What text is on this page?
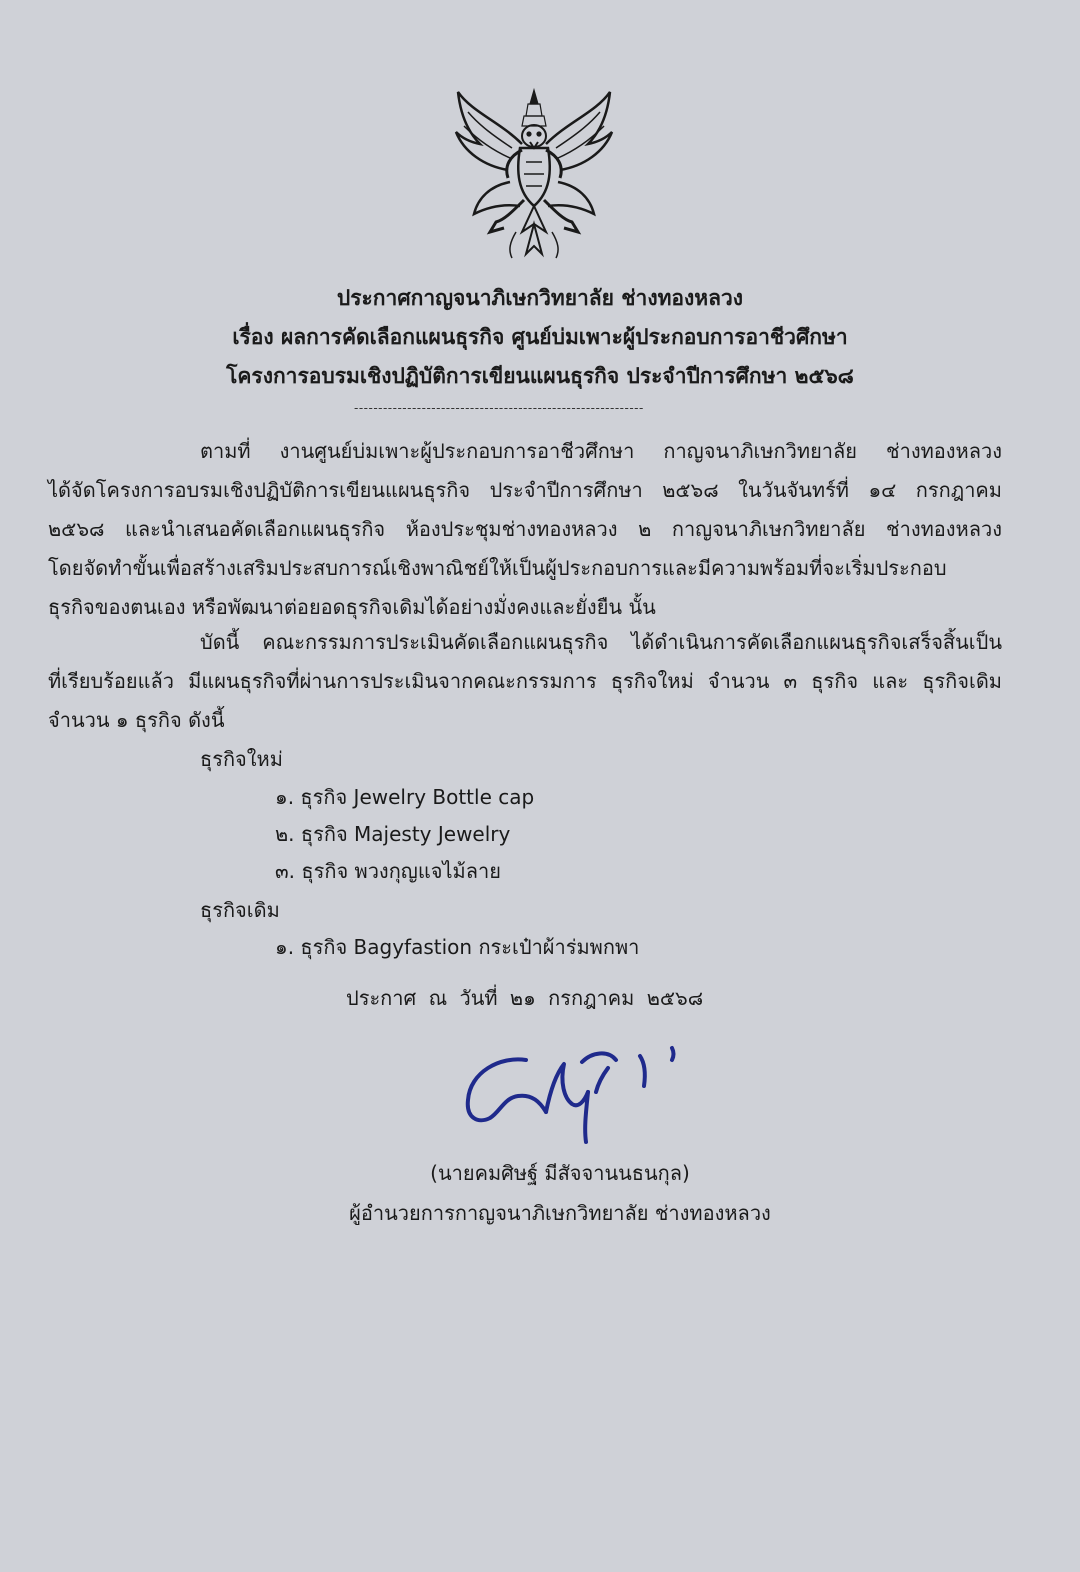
ประกาศกาญจนาภิเษกวิทยาลัย ช่างทองหลวง
เรื่อง ผลการคัดเลือกแผนธุรกิจ ศูนย์บ่มเพาะผู้ประกอบการอาชีวศึกษา
โครงการอบรมเชิงปฏิบัติการเขียนแผนธุรกิจ ประจำปีการศึกษา ๒๕๖๘
------------------------------------------------------------
ตามที่ งานศูนย์บ่มเพาะผู้ประกอบการอาชีวศึกษา กาญจนาภิเษกวิทยาลัย ช่างทองหลวง
ได้จัดโครงการอบรมเชิงปฏิบัติการเขียนแผนธุรกิจ ประจำปีการศึกษา ๒๕๖๘ ในวันจันทร์ที่ ๑๔ กรกฎาคม
๒๕๖๘ และนำเสนอคัดเลือกแผนธุรกิจ ห้องประชุมช่างทองหลวง ๒ กาญจนาภิเษกวิทยาลัย ช่างทองหลวง
โดยจัดทำขั้นเพื่อสร้างเสริมประสบการณ์เชิงพาณิชย์ให้เป็นผู้ประกอบการและมีความพร้อมที่จะเริ่มประกอบ
ธุรกิจของตนเอง หรือพัฒนาต่อยอดธุรกิจเดิมได้อย่างมั่งคงและยั่งยืน นั้น
บัดนี้ คณะกรรมการประเมินคัดเลือกแผนธุรกิจ ได้ดำเนินการคัดเลือกแผนธุรกิจเสร็จสิ้นเป็น
ที่เรียบร้อยแล้ว มีแผนธุรกิจที่ผ่านการประเมินจากคณะกรรมการ ธุรกิจใหม่ จำนวน ๓ ธุรกิจ และ ธุรกิจเดิม
จำนวน ๑ ธุรกิจ ดังนี้
ธุรกิจใหม่
๑. ธุรกิจ Jewelry Bottle cap
๒. ธุรกิจ Majesty Jewelry
๓. ธุรกิจ พวงกุญแจไม้ลาย
ธุรกิจเดิม
๑. ธุรกิจ Bagyfastion กระเป๋าผ้าร่มพกพา
ประกาศ ณ วันที่ ๒๑ กรกฎาคม ๒๕๖๘
(นายคมศิษฐ์ มีสัจจานนธนกุล)
ผู้อำนวยการกาญจนาภิเษกวิทยาลัย ช่างทองหลวง
